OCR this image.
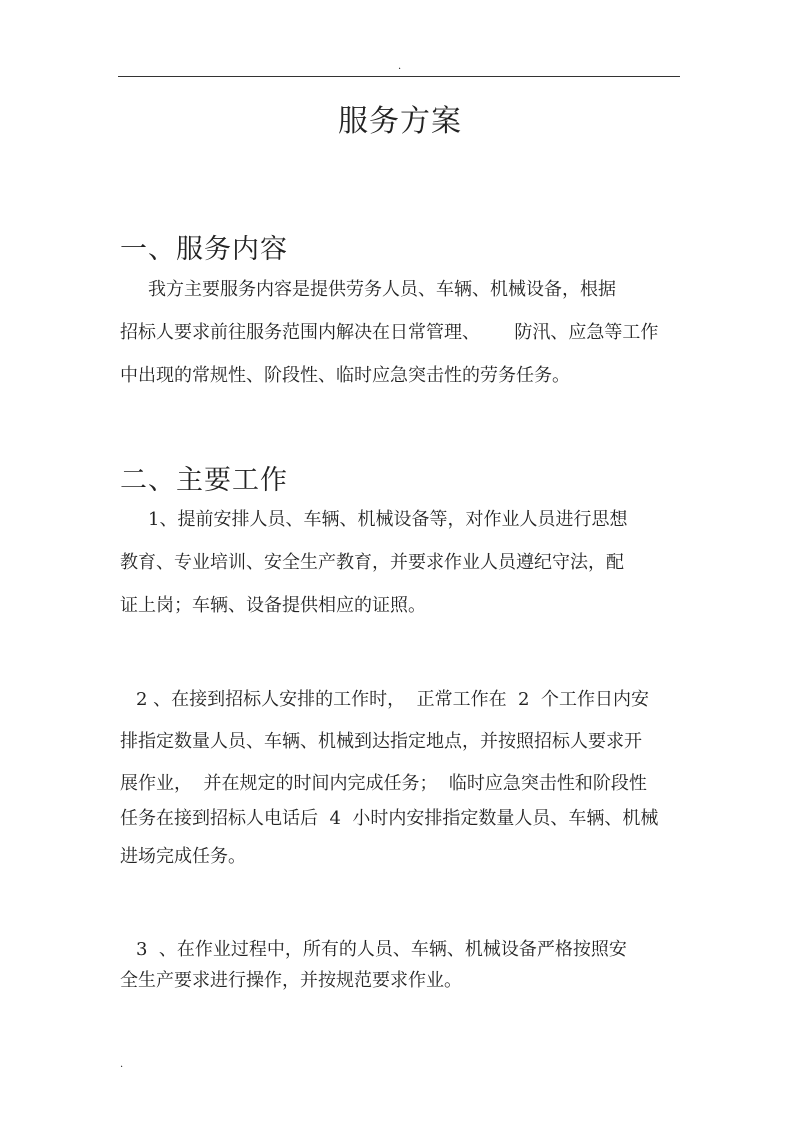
.
服务方案
一、服务内容
我方主要服务内容是提供劳务人员、车辆、机械设备，根据
招标人要求前往服务范围内解决在日常管理、      防汛、应急等工作
中出现的常规性、阶段性、临时应急突击性的劳务任务。
二、主要工作
1、提前安排人员、车辆、机械设备等，对作业人员进行思想
教育、专业培训、安全生产教育，并要求作业人员遵纪守法，配
证上岗；车辆、设备提供相应的证照。
2 、在接到招标人安排的工作时，  正常工作在  2  个工作日内安
排指定数量人员、车辆、机械到达指定地点，并按照招标人要求开
展作业，  并在规定的时间内完成任务；  临时应急突击性和阶段性
任务在接到招标人电话后  4  小时内安排指定数量人员、车辆、机械
进场完成任务。
3  、在作业过程中，所有的人员、车辆、机械设备严格按照安
全生产要求进行操作，并按规范要求作业。
.
